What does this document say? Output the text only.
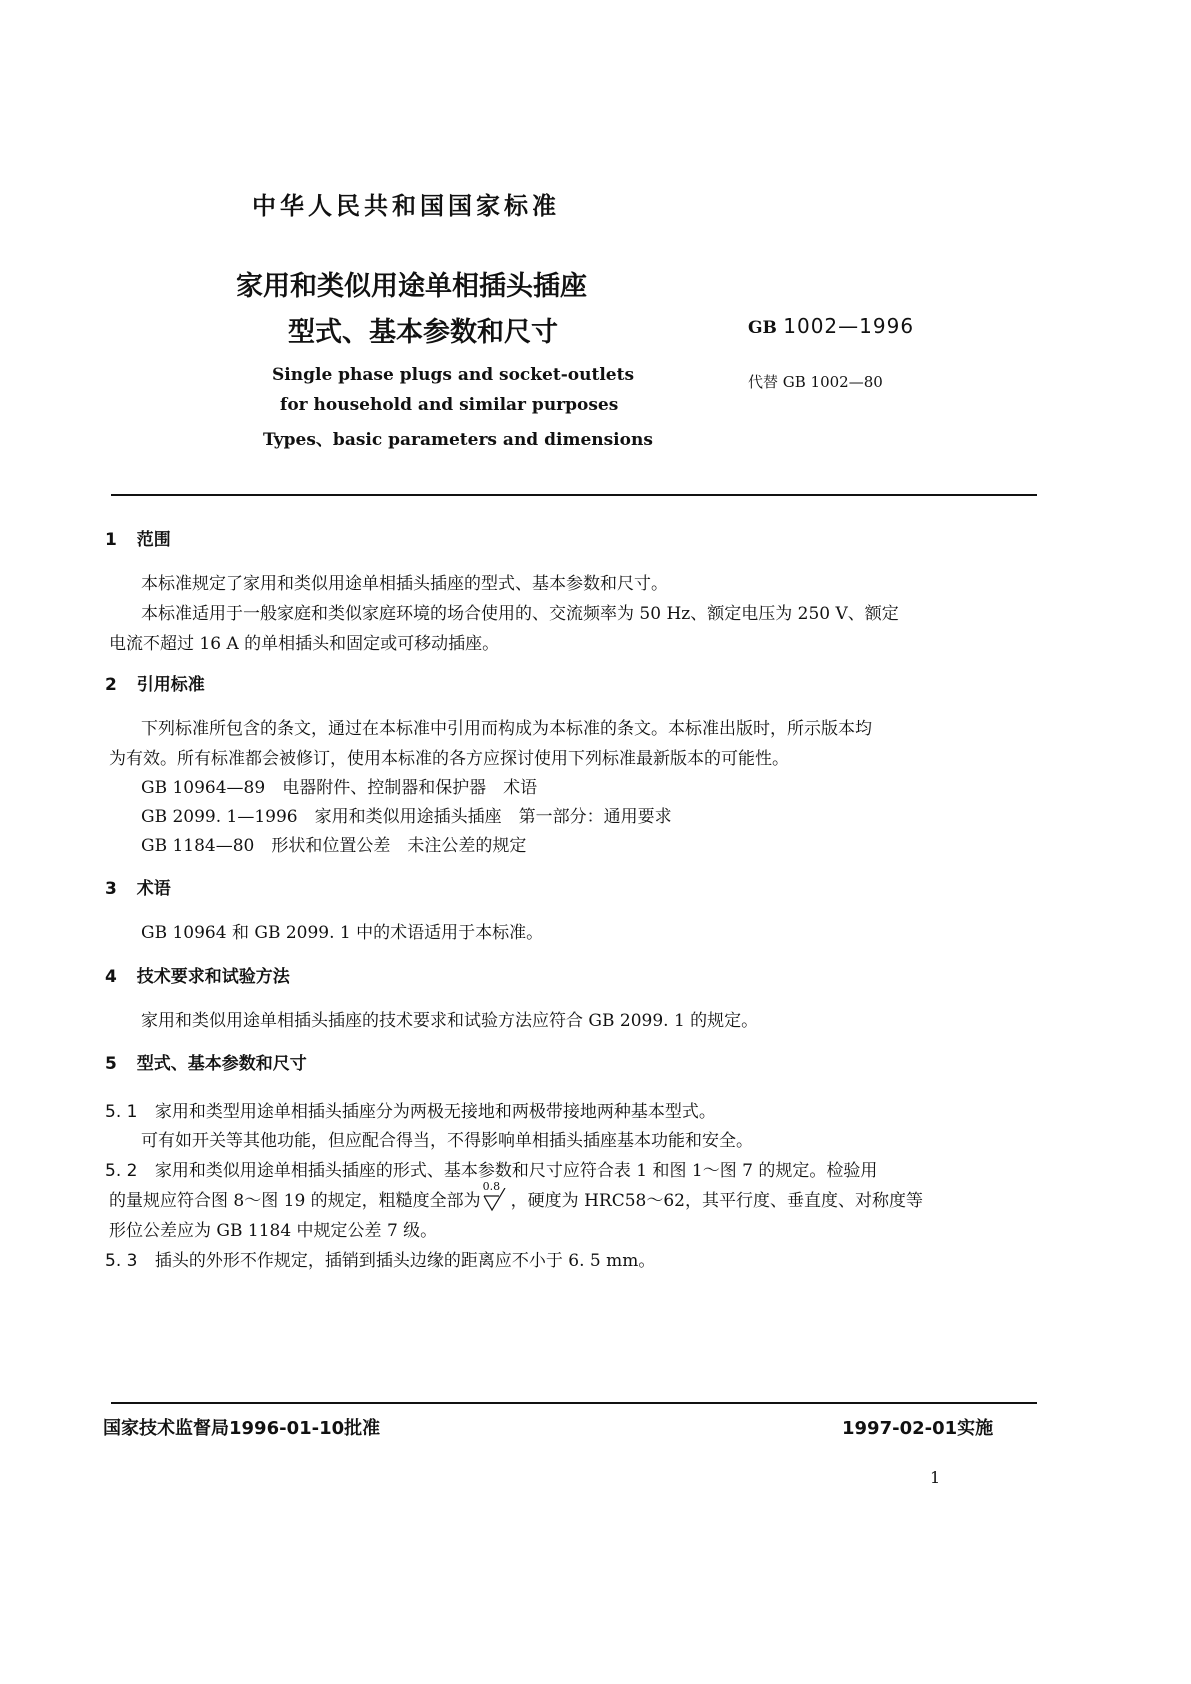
中华人民共和国国家标准
家用和类似用途单相插头插座
型式、基本参数和尺寸	GB 1002—1996
Single phase plugs and socket-outlets
for household and similar purposes
Types、basic parameters and dimensions
代替 GB 1002—80
1 范围
本标准规定了家用和类似用途单相插头插座的型式、基本参数和尺寸。
本标准适用于一般家庭和类似家庭环境的场合使用的、交流频率为 50 Hz、额定电压为 250 V、额定
电流不超过 16 A 的单相插头和固定或可移动插座。
2 引用标准
下列标准所包含的条文，通过在本标准中引用而构成为本标准的条文。本标准出版时，所示版本均
为有效。所有标准都会被修订，使用本标准的各方应探讨使用下列标准最新版本的可能性。
GB 10964—89　电器附件、控制器和保护器　术语
GB 2099. 1—1996　家用和类似用途插头插座　第一部分：通用要求
GB 1184—80　形状和位置公差　未注公差的规定
3 术语
GB 10964 和 GB 2099. 1 中的术语适用于本标准。
4 技术要求和试验方法
家用和类似用途单相插头插座的技术要求和试验方法应符合 GB 2099. 1 的规定。
5 型式、基本参数和尺寸
5. 1 家用和类型用途单相插头插座分为两极无接地和两极带接地两种基本型式。
可有如开关等其他功能，但应配合得当，不得影响单相插头插座基本功能和安全。
5. 2 家用和类似用途单相插头插座的形式、基本参数和尺寸应符合表 1 和图 1～图 7 的规定。检验用
的量规应符合图 8～图 19 的规定，粗糙度全部为
0.8
，硬度为 HRC58～62，其平行度、垂直度、对称度等
形位公差应为 GB 1184 中规定公差 7 级。
5. 3 插头的外形不作规定，插销到插头边缘的距离应不小于 6. 5 mm。
国家技术监督局1996-01-10批准	1997-02-01实施
1
